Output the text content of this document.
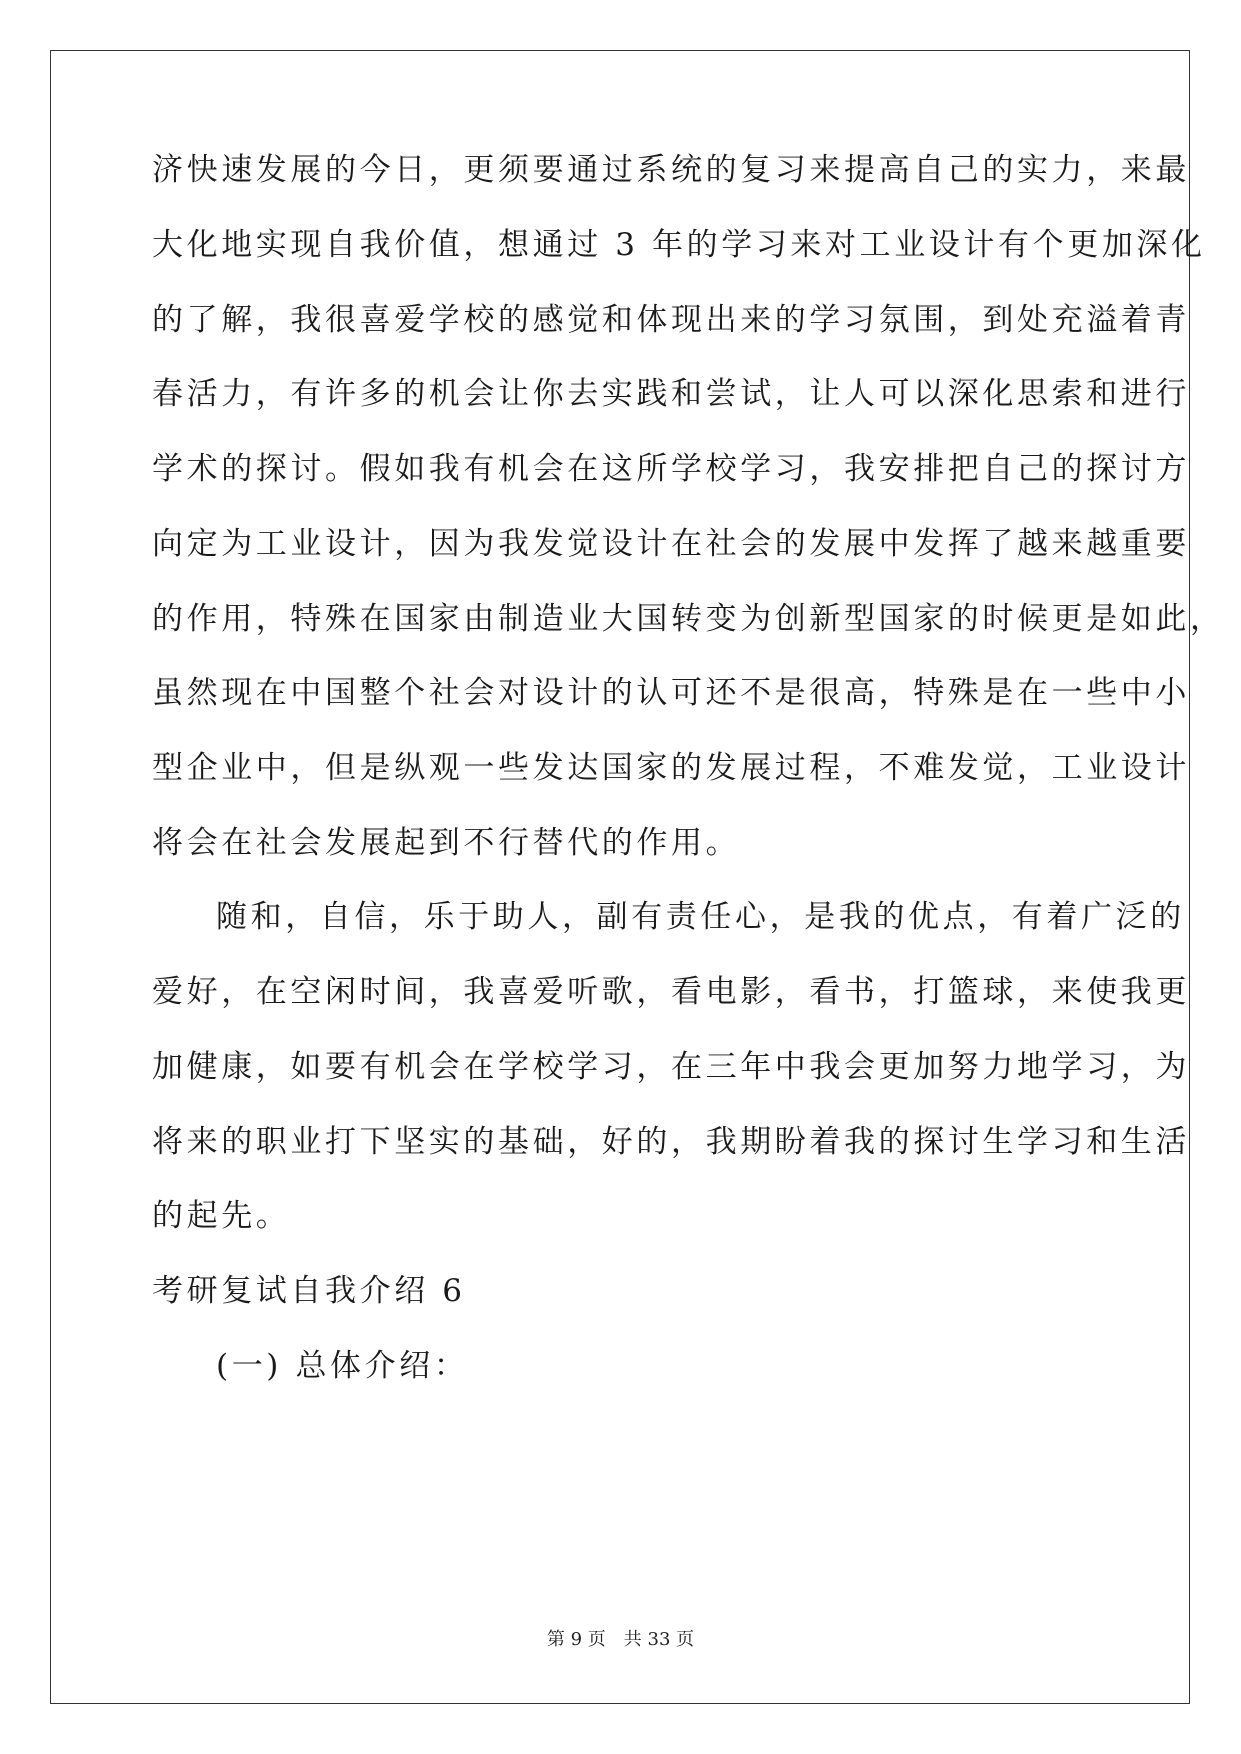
济快速发展的今日，更须要通过系统的复习来提高自己的实力，来最
大化地实现自我价值，想通过 3 年的学习来对工业设计有个更加深化
的了解，我很喜爱学校的感觉和体现出来的学习氛围，到处充溢着青
春活力，有许多的机会让你去实践和尝试，让人可以深化思索和进行
学术的探讨。假如我有机会在这所学校学习，我安排把自己的探讨方
向定为工业设计，因为我发觉设计在社会的发展中发挥了越来越重要
的作用，特殊在国家由制造业大国转变为创新型国家的时候更是如此，
虽然现在中国整个社会对设计的认可还不是很高，特殊是在一些中小
型企业中，但是纵观一些发达国家的发展过程，不难发觉，工业设计
将会在社会发展起到不行替代的作用。
随和，自信，乐于助人，副有责任心，是我的优点，有着广泛的
爱好，在空闲时间，我喜爱听歌，看电影，看书，打篮球，来使我更
加健康，如要有机会在学校学习，在三年中我会更加努力地学习，为
将来的职业打下坚实的基础，好的，我期盼着我的探讨生学习和生活
的起先。
考研复试自我介绍 6
(一) 总体介绍：
第 9 页 共 33 页
